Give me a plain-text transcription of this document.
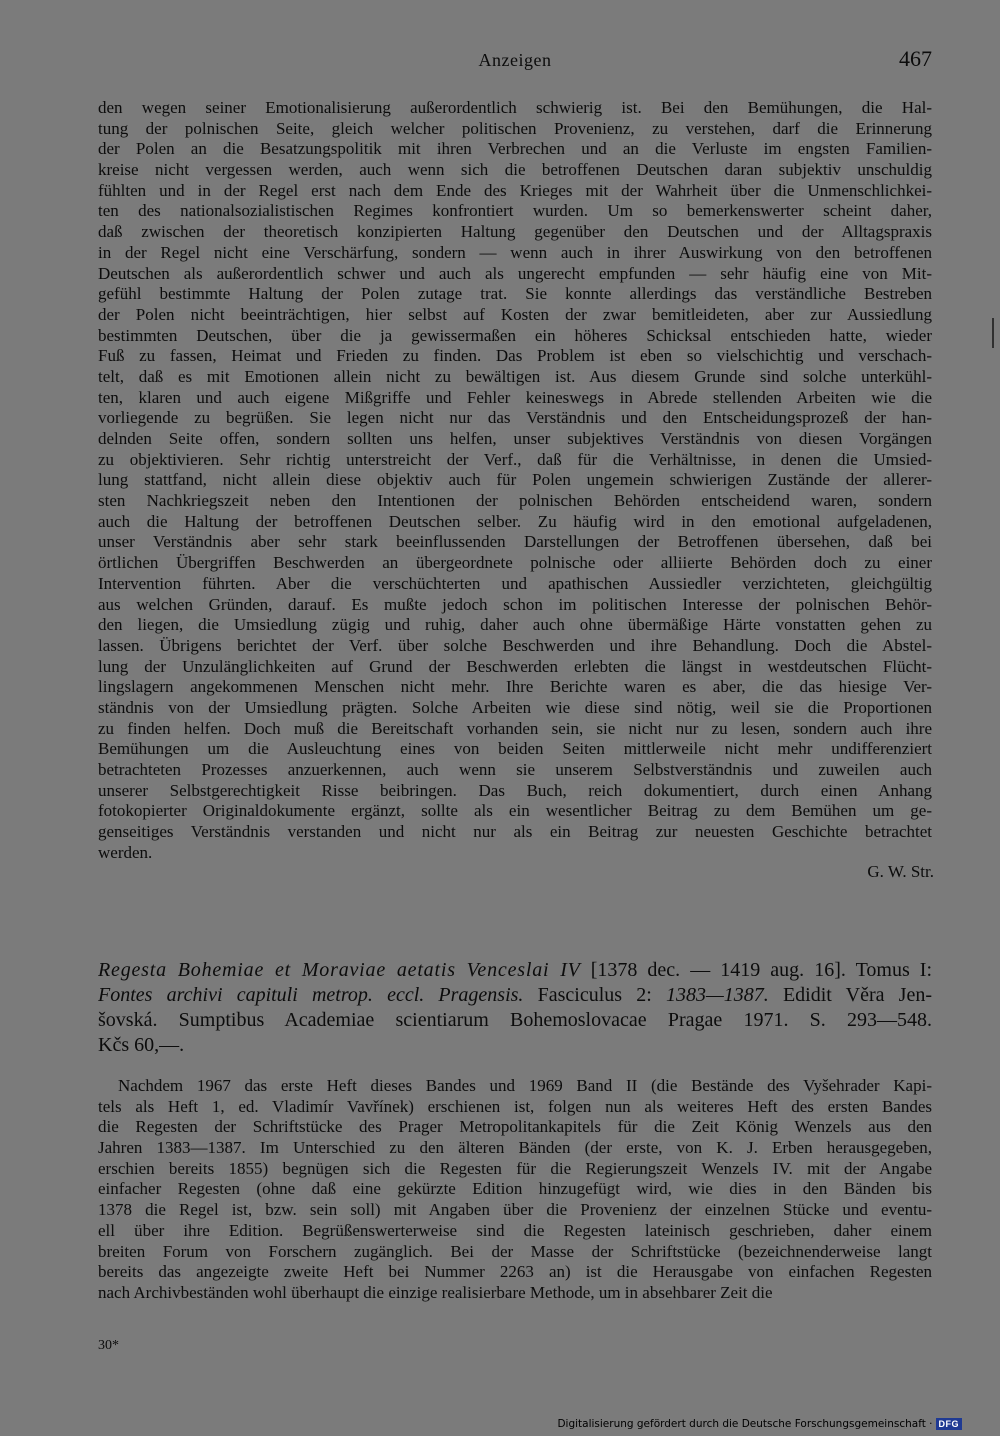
Anzeigen	467
den wegen seiner Emotionalisierung außerordentlich schwierig ist. Bei den Bemühungen, die Hal-
tung der polnischen Seite, gleich welcher politischen Provenienz, zu verstehen, darf die Erinnerung
der Polen an die Besatzungspolitik mit ihren Verbrechen und an die Verluste im engsten Familien-
kreise nicht vergessen werden, auch wenn sich die betroffenen Deutschen daran subjektiv unschuldig
fühlten und in der Regel erst nach dem Ende des Krieges mit der Wahrheit über die Unmenschlichkei-
ten des nationalsozialistischen Regimes konfrontiert wurden. Um so bemerkenswerter scheint daher,
daß zwischen der theoretisch konzipierten Haltung gegenüber den Deutschen und der Alltagspraxis
in der Regel nicht eine Verschärfung, sondern — wenn auch in ihrer Auswirkung von den betroffenen
Deutschen als außerordentlich schwer und auch als ungerecht empfunden — sehr häufig eine von Mit-
gefühl bestimmte Haltung der Polen zutage trat. Sie konnte allerdings das verständliche Bestreben
der Polen nicht beeinträchtigen, hier selbst auf Kosten der zwar bemitleideten, aber zur Aussiedlung
bestimmten Deutschen, über die ja gewissermaßen ein höheres Schicksal entschieden hatte, wieder
Fuß zu fassen, Heimat und Frieden zu finden. Das Problem ist eben so vielschichtig und verschach-
telt, daß es mit Emotionen allein nicht zu bewältigen ist. Aus diesem Grunde sind solche unterkühl-
ten, klaren und auch eigene Mißgriffe und Fehler keineswegs in Abrede stellenden Arbeiten wie die
vorliegende zu begrüßen. Sie legen nicht nur das Verständnis und den Entscheidungsprozeß der han-
delnden Seite offen, sondern sollten uns helfen, unser subjektives Verständnis von diesen Vorgängen
zu objektivieren. Sehr richtig unterstreicht der Verf., daß für die Verhältnisse, in denen die Umsied-
lung stattfand, nicht allein diese objektiv auch für Polen ungemein schwierigen Zustände der allerer-
sten Nachkriegszeit neben den Intentionen der polnischen Behörden entscheidend waren, sondern
auch die Haltung der betroffenen Deutschen selber. Zu häufig wird in den emotional aufgeladenen,
unser Verständnis aber sehr stark beeinflussenden Darstellungen der Betroffenen übersehen, daß bei
örtlichen Übergriffen Beschwerden an übergeordnete polnische oder alliierte Behörden doch zu einer
Intervention führten. Aber die verschüchterten und apathischen Aussiedler verzichteten, gleichgültig
aus welchen Gründen, darauf. Es mußte jedoch schon im politischen Interesse der polnischen Behör-
den liegen, die Umsiedlung zügig und ruhig, daher auch ohne übermäßige Härte vonstatten gehen zu
lassen. Übrigens berichtet der Verf. über solche Beschwerden und ihre Behandlung. Doch die Abstel-
lung der Unzulänglichkeiten auf Grund der Beschwerden erlebten die längst in westdeutschen Flücht-
lingslagern angekommenen Menschen nicht mehr. Ihre Berichte waren es aber, die das hiesige Ver-
ständnis von der Umsiedlung prägten. Solche Arbeiten wie diese sind nötig, weil sie die Proportionen
zu finden helfen. Doch muß die Bereitschaft vorhanden sein, sie nicht nur zu lesen, sondern auch ihre
Bemühungen um die Ausleuchtung eines von beiden Seiten mittlerweile nicht mehr undifferenziert
betrachteten Prozesses anzuerkennen, auch wenn sie unserem Selbstverständnis und zuweilen auch
unserer Selbstgerechtigkeit Risse beibringen. Das Buch, reich dokumentiert, durch einen Anhang
fotokopierter Originaldokumente ergänzt, sollte als ein wesentlicher Beitrag zu dem Bemühen um ge-
genseitiges Verständnis verstanden und nicht nur als ein Beitrag zur neuesten Geschichte betrachtet
werden.
G. W. Str.
Regesta Bohemiae et Moraviae aetatis Venceslai IV [1378 dec. — 1419 aug. 16]. Tomus I:
Fontes archivi capituli metrop. eccl. Pragensis. Fasciculus 2: 1383—1387. Edidit Věra Jen-
šovská. Sumptibus Academiae scientiarum Bohemoslovacae Pragae 1971. S. 293—548.
Kčs 60,—.
Nachdem 1967 das erste Heft dieses Bandes und 1969 Band II (die Bestände des Vyšehrader Kapi-
tels als Heft 1, ed. Vladimír Vavřínek) erschienen ist, folgen nun als weiteres Heft des ersten Bandes
die Regesten der Schriftstücke des Prager Metropolitankapitels für die Zeit König Wenzels aus den
Jahren 1383—1387. Im Unterschied zu den älteren Bänden (der erste, von K. J. Erben herausgegeben,
erschien bereits 1855) begnügen sich die Regesten für die Regierungszeit Wenzels IV. mit der Angabe
einfacher Regesten (ohne daß eine gekürzte Edition hinzugefügt wird, wie dies in den Bänden bis
1378 die Regel ist, bzw. sein soll) mit Angaben über die Provenienz der einzelnen Stücke und eventu-
ell über ihre Edition. Begrüßenswerterweise sind die Regesten lateinisch geschrieben, daher einem
breiten Forum von Forschern zugänglich. Bei der Masse der Schriftstücke (bezeichnenderweise langt
bereits das angezeigte zweite Heft bei Nummer 2263 an) ist die Herausgabe von einfachen Regesten
nach Archivbeständen wohl überhaupt die einzige realisierbare Methode, um in absehbarer Zeit die
30*
Digitalisierung gefördert durch die Deutsche Forschungsgemeinschaft · DFG
